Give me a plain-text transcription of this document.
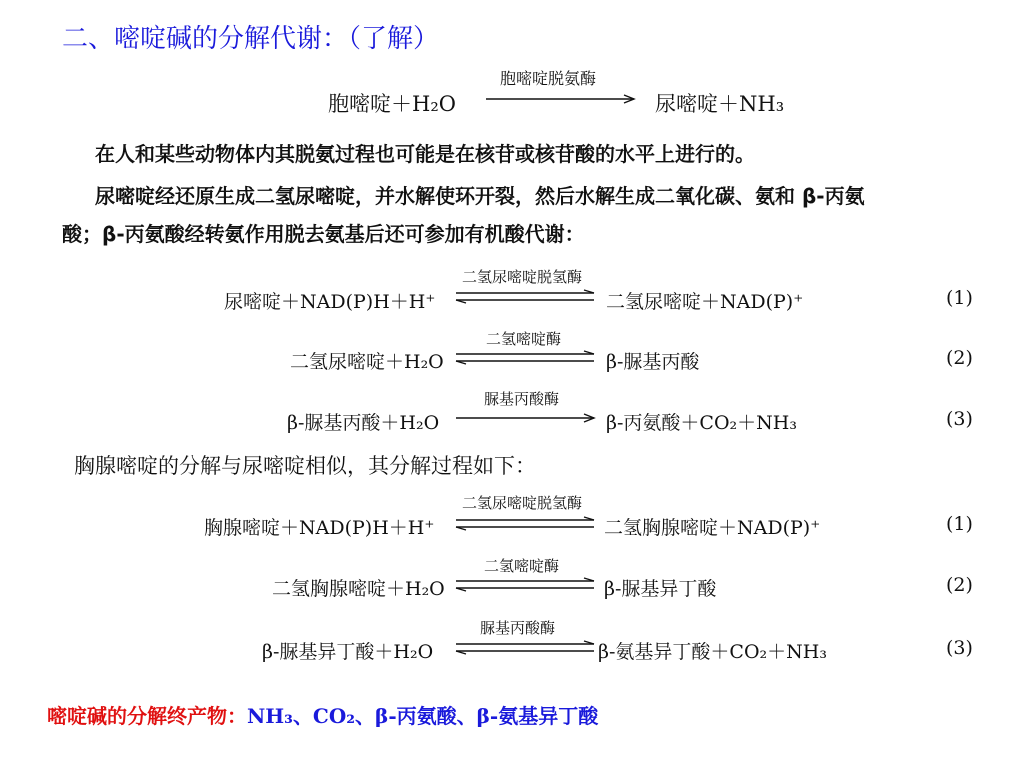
二、嘧啶碱的分解代谢：（了解）
胞嘧啶＋H₂O
胞嘧啶脱氨酶
尿嘧啶＋NH₃
在人和某些动物体内其脱氨过程也可能是在核苷或核苷酸的水平上进行的。
尿嘧啶经还原生成二氢尿嘧啶，并水解使环开裂，然后水解生成二氧化碳、氨和 β-丙氨
酸；β-丙氨酸经转氨作用脱去氨基后还可参加有机酸代谢：
尿嘧啶＋NAD(P)H＋H⁺
二氢尿嘧啶脱氢酶
二氢尿嘧啶＋NAD(P)⁺	(1)
二氢尿嘧啶＋H₂O
二氢嘧啶酶
β-脲基丙酸	(2)
β-脲基丙酸＋H₂O
脲基丙酸酶
β-丙氨酸＋CO₂＋NH₃	(3)
胸腺嘧啶的分解与尿嘧啶相似，其分解过程如下：
胸腺嘧啶＋NAD(P)H＋H⁺
二氢尿嘧啶脱氢酶
二氢胸腺嘧啶＋NAD(P)⁺	(1)
二氢胸腺嘧啶＋H₂O
二氢嘧啶酶
β-脲基异丁酸	(2)
β-脲基异丁酸＋H₂O
脲基丙酸酶
β-氨基异丁酸＋CO₂＋NH₃	(3)
嘧啶碱的分解终产物：NH₃、CO₂、β-丙氨酸、β-氨基异丁酸
